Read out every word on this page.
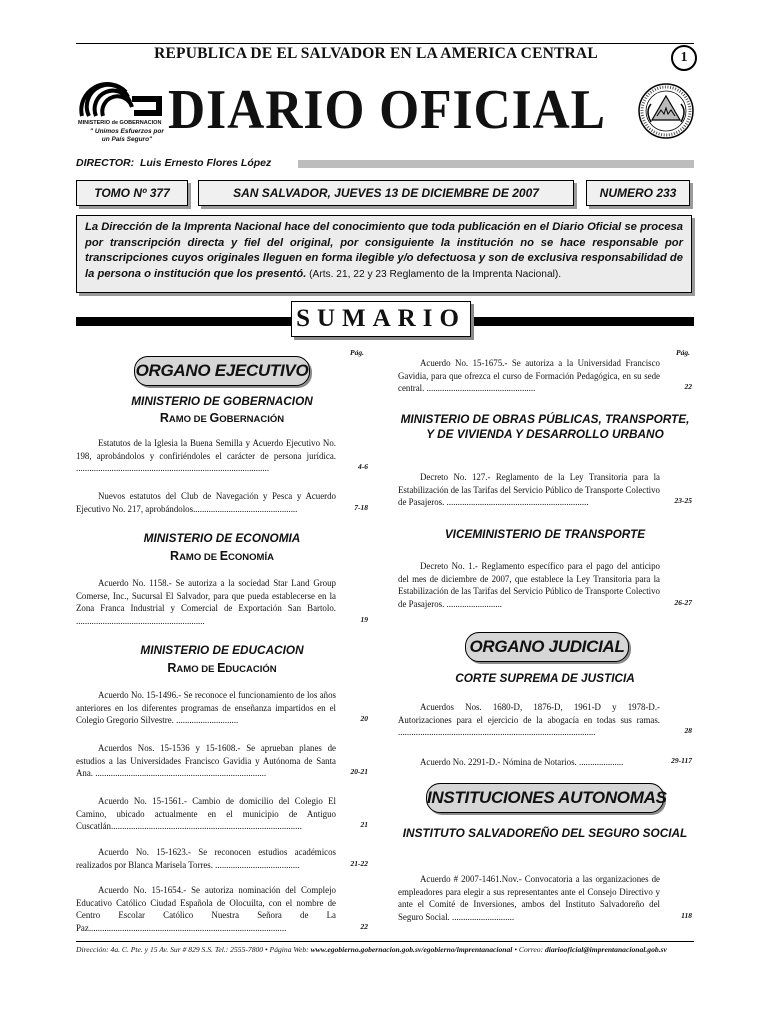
REPUBLICA DE EL SALVADOR EN LA AMERICA CENTRAL	1
MINISTERIO de GOBERNACION
" Unimos Esfuerzos por
un País Seguro" DIARIO OFICIAL
DIRECTOR: Luis Ernesto Flores López
TOMO Nº 377	SAN SALVADOR, JUEVES 13 DE DICIEMBRE DE 2007	NUMERO 233
La Dirección de la Imprenta Nacional hace del conocimiento que toda publicación en el Diario Oficial se procesa por transcripción directa y fiel del original, por consiguiente la institución no se hace responsable por transcripciones cuyos originales lleguen en forma ilegible y/o defectuosa y son de exclusiva responsabilidad de la persona o institución que los presentó. (Arts. 21, 22 y 23 Reglamento de la Imprenta Nacional).
SUMARIO
Pág.
ORGANO EJECUTIVO
MINISTERIO DE GOBERNACION
RAMO DE GOBERNACIÓN
Estatutos de la Iglesia la Buena Semilla y Acuerdo Ejecutivo No. 198, aprobándolos y confiriéndoles el carácter de persona jurídica. .......................................................................................	4-6
Nuevos estatutos del Club de Navegación y Pesca y Acuerdo Ejecutivo No. 217, aprobándolos...............................................	7-18
MINISTERIO DE ECONOMIA
RAMO DE ECONOMÍA
Acuerdo No. 1158.- Se autoriza a la sociedad Star Land Group Comerse, Inc., Sucursal El Salvador, para que pueda establecerse en la Zona Franca Industrial y Comercial de Exportación San Bartolo. ..........................................................	19
MINISTERIO DE EDUCACION
RAMO DE EDUCACIÓN
Acuerdo No. 15-1496.- Se reconoce el funcionamiento de los años anteriores en los diferentes programas de enseñanza impartidos en el Colegio Gregorio Silvestre. ............................	20
Acuerdos Nos. 15-1536 y 15-1608.- Se aprueban planes de estudios a las Universidades Francisco Gavidia y Autónoma de Santa Ana. .............................................................................	20-21
Acuerdo No. 15-1561.- Cambio de domicilio del Colegio El Camino, ubicado actualmente en el municipio de Antiguo Cuscatlán......................................................................................	21
Acuerdo No. 15-1623.- Se reconocen estudios académicos realizados por Blanca Marisela Torres. ......................................	21-22
Acuerdo No. 15-1654.- Se autoriza nominación del Complejo Educativo Católico Ciudad Española de Olocuilta, con el nombre de Centro Escolar Católico Nuestra Señora de La Paz.........................................................................................	22
Pág.
Acuerdo No. 15-1675.- Se autoriza a la Universidad Francisco Gavidia, para que ofrezca el curso de Formación Pedagógica, en su sede central. .................................................	22
MINISTERIO DE OBRAS PÚBLICAS, TRANSPORTE, Y DE VIVIENDA Y DESARROLLO URBANO
Decreto No. 127.- Reglamento de la Ley Transitoria para la Estabilización de las Tarifas del Servicio Público de Transporte Colectivo de Pasajeros. ................................................................	23-25
VICEMINISTERIO DE TRANSPORTE
Decreto No. 1.- Reglamento específico para el pago del anticipo del mes de diciembre de 2007, que establece la Ley Transitoria para la Estabilización de las Tarifas del Servicio Público de Transporte Colectivo de Pasajeros. .........................	26-27
ORGANO JUDICIAL
CORTE SUPREMA DE JUSTICIA
Acuerdos Nos. 1680-D, 1876-D, 1961-D y 1978-D.- Autorizaciones para el ejercicio de la abogacía en todas sus ramas. .........................................................................................	28
Acuerdo No. 2291-D.- Nómina de Notarios. ....................	29-117
INSTITUCIONES AUTONOMAS
INSTITUTO SALVADOREÑO DEL SEGURO SOCIAL
Acuerdo # 2007-1461.Nov.- Convocatoria a las organizaciones de empleadores para elegir a sus representantes ante el Consejo Directivo y ante el Comité de Inversiones, ambos del Instituto Salvadoreño del Seguro Social. ............................	118
Dirección: 4a. C. Pte. y 15 Av. Sur # 829 S.S. Tel.: 2555-7800 • Página Web: www.egobierno.gobernacion.gob.sv/egobierno/imprentanacional • Correo: diariooficial@imprentanacional.gob.sv
